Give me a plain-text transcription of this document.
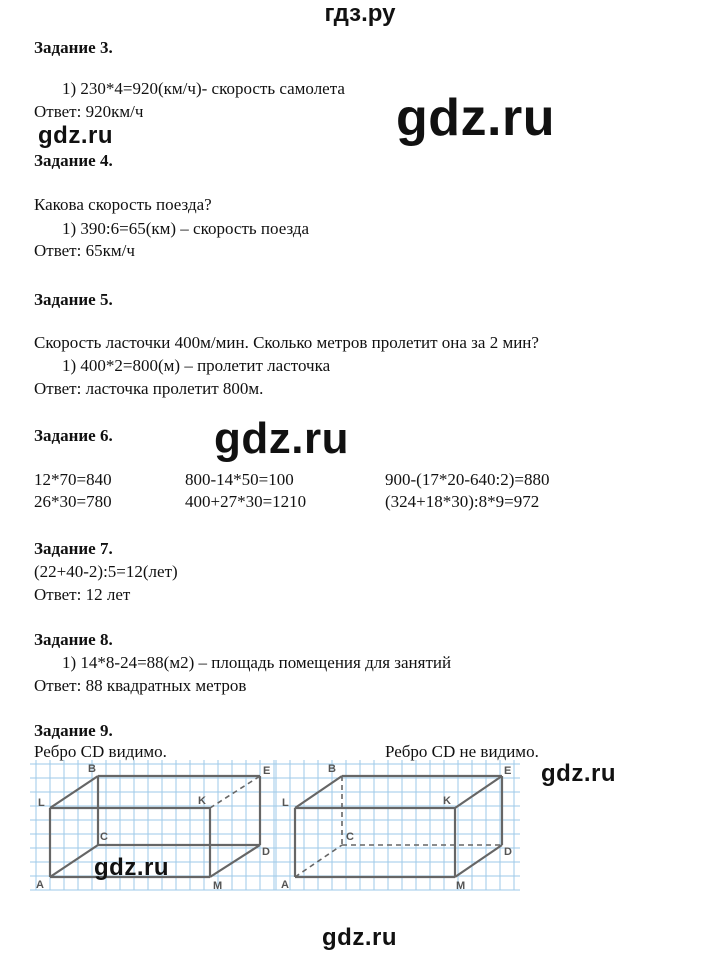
гдз.ру
Задание 3.
1) 230*4=920(км/ч)- скорость самолета
Ответ: 920км/ч	gdz.ru
gdz.ru
Задание 4.
Какова скорость поезда?
1) 390:6=65(км) – скорость поезда
Ответ: 65км/ч
Задание 5.
Скорость ласточки 400м/мин. Сколько метров пролетит она за 2 мин?
1) 400*2=800(м) – пролетит ласточка
Ответ: ласточка пролетит 800м.
Задание 6. gdz.ru
12*70=840	800-14*50=100	900-(17*20-640:2)=880
26*30=780	400+27*30=1210	(324+18*30):8*9=972
Задание 7.
(22+40-2):5=12(лет)
Ответ: 12 лет
Задание 8.
1) 14*8-24=88(м2) – площадь помещения для занятий
Ответ: 88 квадратных метров
Задание 9.
Ребро CD видимо.	Ребро CD не видимо.
B	E
L	K
C
D
A	M
B	E
L	K
C
D
A	M
gdz.ru
gdz.ru
gdz.ru
